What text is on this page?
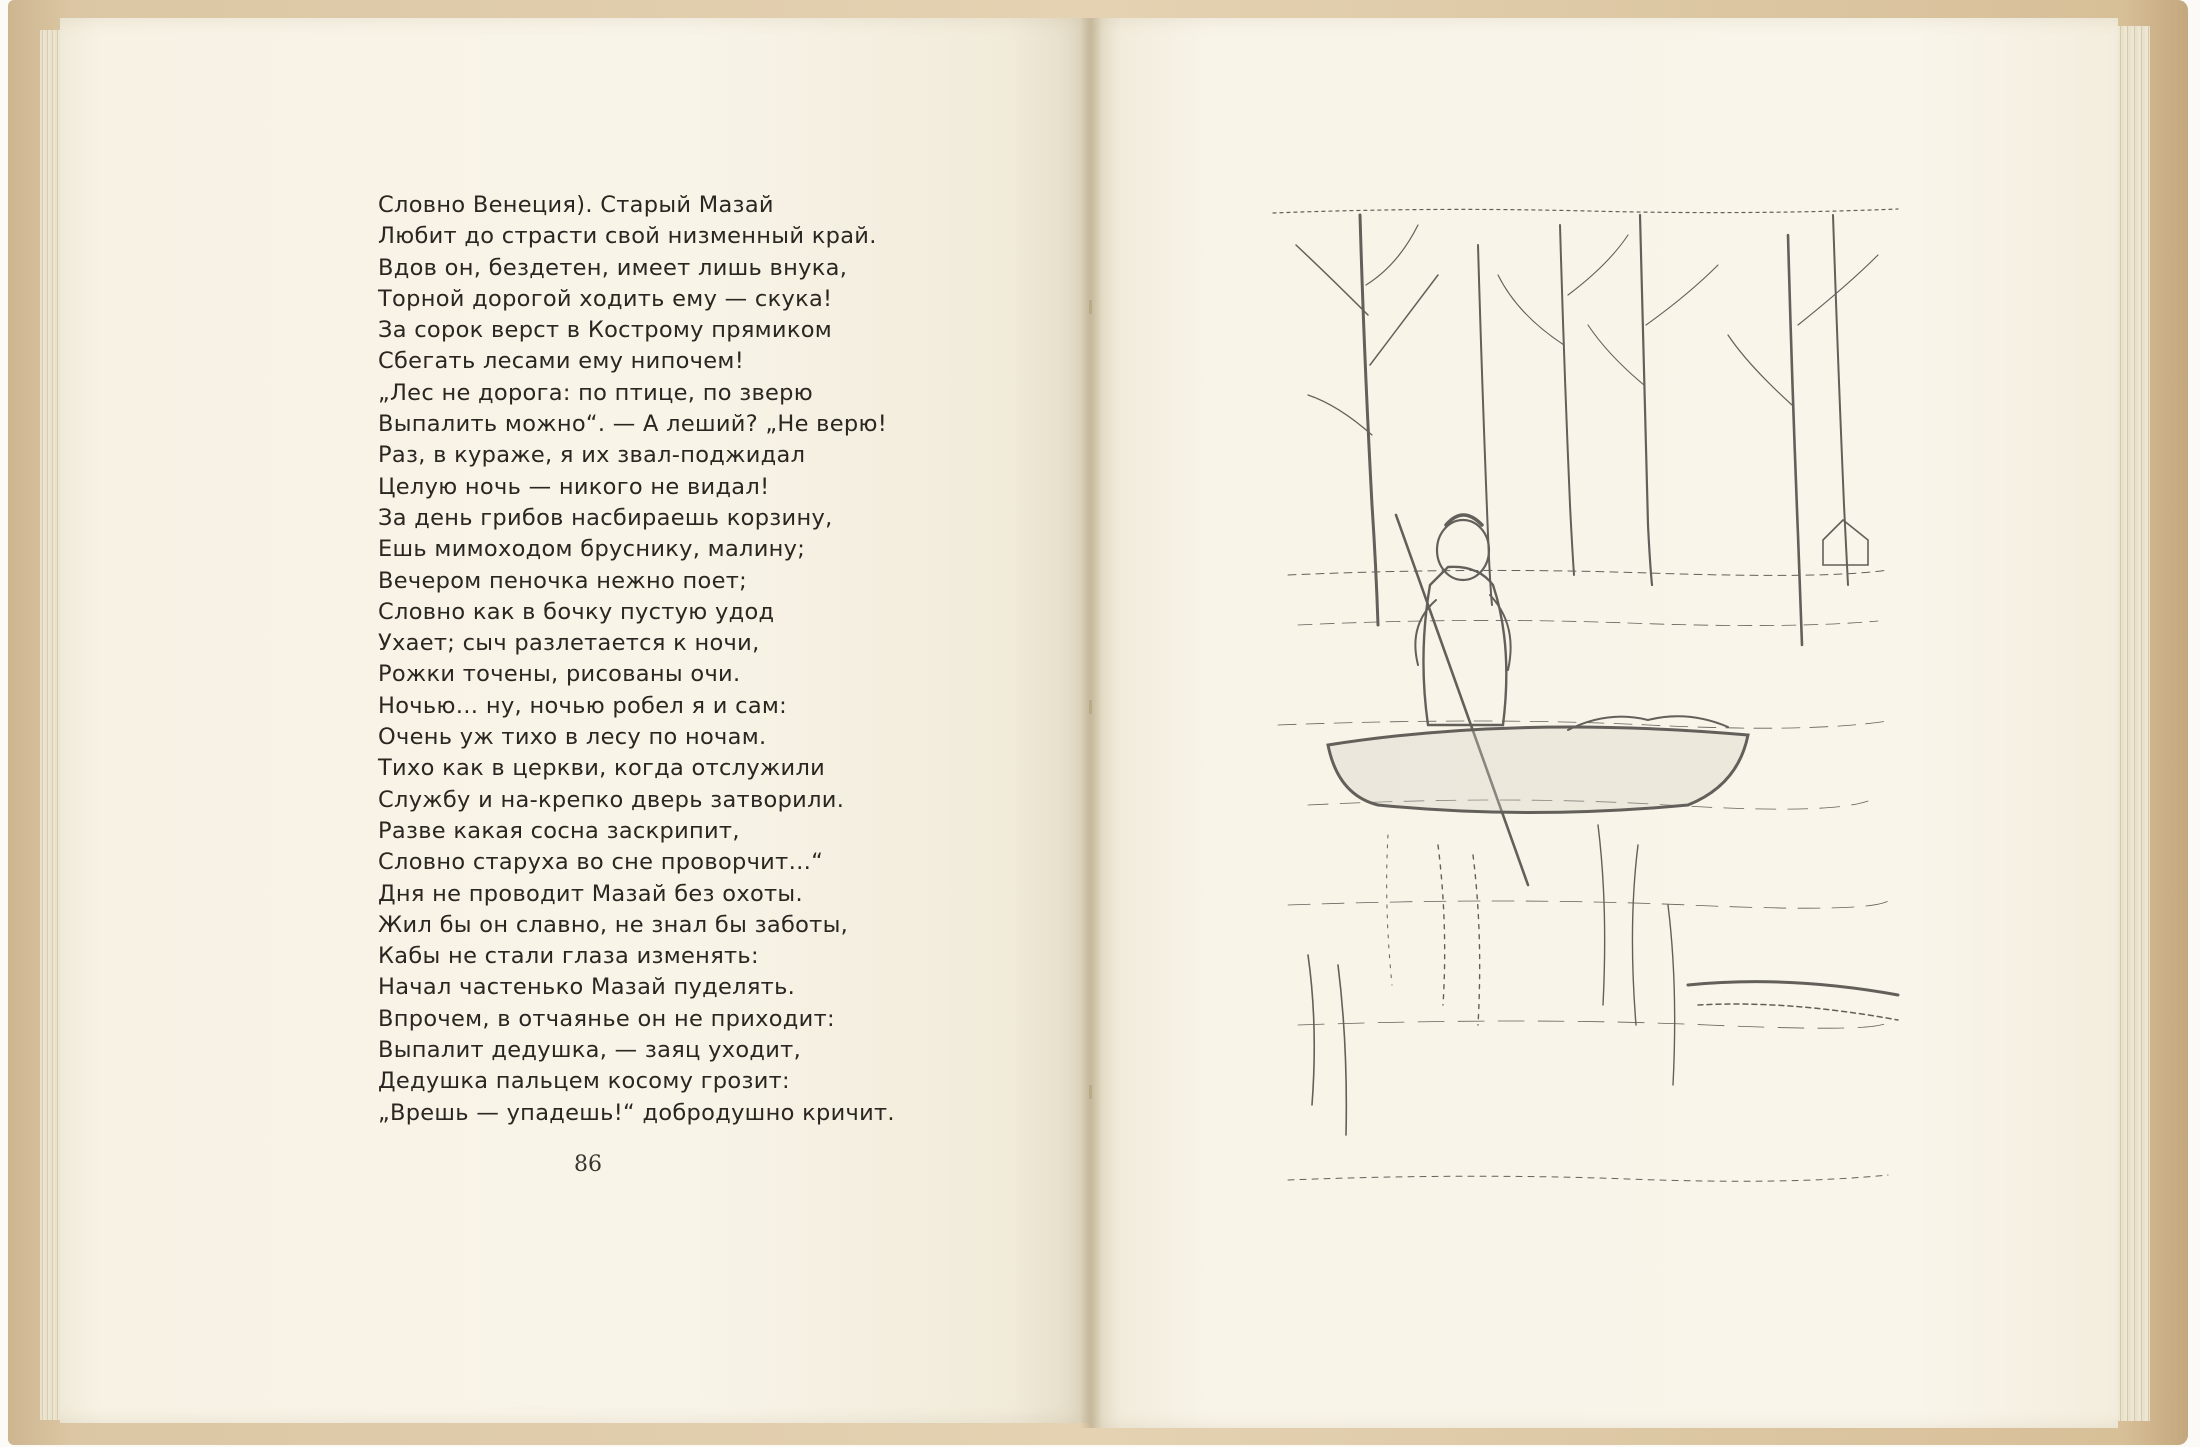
Словно Венеция). Старый Мазай
Любит до страсти свой низменный край.
Вдов он, бездетен, имеет лишь внука,
Торной дорогой ходить ему — скука!
За сорок верст в Кострому прямиком
Сбегать лесами ему нипочем!
„Лес не дорога: по птице, по зверю
Выпалить можно“. — А леший? „Не верю!
Раз, в кураже, я их звал-поджидал
Целую ночь — никого не видал!
За день грибов насбираешь корзину,
Ешь мимоходом бруснику, малину;
Вечером пеночка нежно поет;
Словно как в бочку пустую удод
Ухает; сыч разлетается к ночи,
Рожки точены, рисованы очи.
Ночью… ну, ночью робел я и сам:
Очень уж тихо в лесу по ночам.
Тихо как в церкви, когда отслужили
Службу и на-крепко дверь затворили.
Разве какая сосна заскрипит,
Словно старуха во сне проворчит…“
Дня не проводит Мазай без охоты.
Жил бы он славно, не знал бы заботы,
Кабы не стали глаза изменять:
Начал частенько Мазай пуделять.
Впрочем, в отчаянье он не приходит:
Выпалит дедушка, — заяц уходит,
Дедушка пальцем косому грозит:
„Врешь — упадешь!“ добродушно кричит.
86
